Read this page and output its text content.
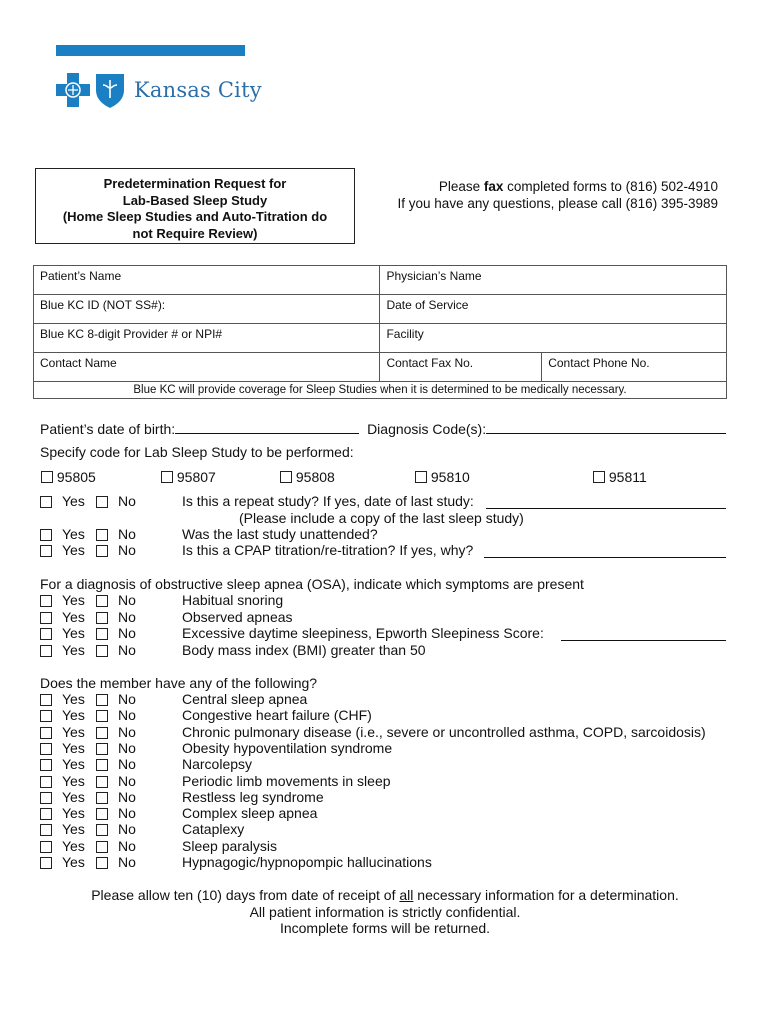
Kansas City
Predetermination Request for
Lab-Based Sleep Study
(Home Sleep Studies and Auto-Titration do
not Require Review)
Please fax completed forms to (816) 502-4910
If you have any questions, please call (816) 395-3989
Patient’s Name	Physician’s Name	
Blue KC ID (NOT SS#):	Date of Service	
Blue KC 8-digit Provider # or NPI#	Facility	
Contact Name	Contact Fax No.	Contact Phone No.
Blue KC will provide coverage for Sleep Studies when it is determined to be medically necessary.		
Patient’s date of birth:	Diagnosis Code(s):
Specify code for Lab Sleep Study to be performed:
95805	95807	95808	95810	95811
Yes No	Is this a repeat study? If yes, date of last study:
(Please include a copy of the last sleep study)
Yes No	Was the last study unattended?
Yes No	Is this a CPAP titration/re-titration? If yes, why?
For a diagnosis of obstructive sleep apnea (OSA), indicate which symptoms are present
Yes No	Habitual snoring
Yes No	Observed apneas
Yes No	Excessive daytime sleepiness, Epworth Sleepiness Score:
Yes No	Body mass index (BMI) greater than 50
Does the member have any of the following?
Yes No	Central sleep apnea
Yes No	Congestive heart failure (CHF)
Yes No	Chronic pulmonary disease (i.e., severe or uncontrolled asthma, COPD, sarcoidosis)
Yes No	Obesity hypoventilation syndrome
Yes No	Narcolepsy
Yes No	Periodic limb movements in sleep
Yes No	Restless leg syndrome
Yes No	Complex sleep apnea
Yes No	Cataplexy
Yes No	Sleep paralysis
Yes No	Hypnagogic/hypnopompic hallucinations
Please allow ten (10) days from date of receipt of all necessary information for a determination.
All patient information is strictly confidential.
Incomplete forms will be returned.
